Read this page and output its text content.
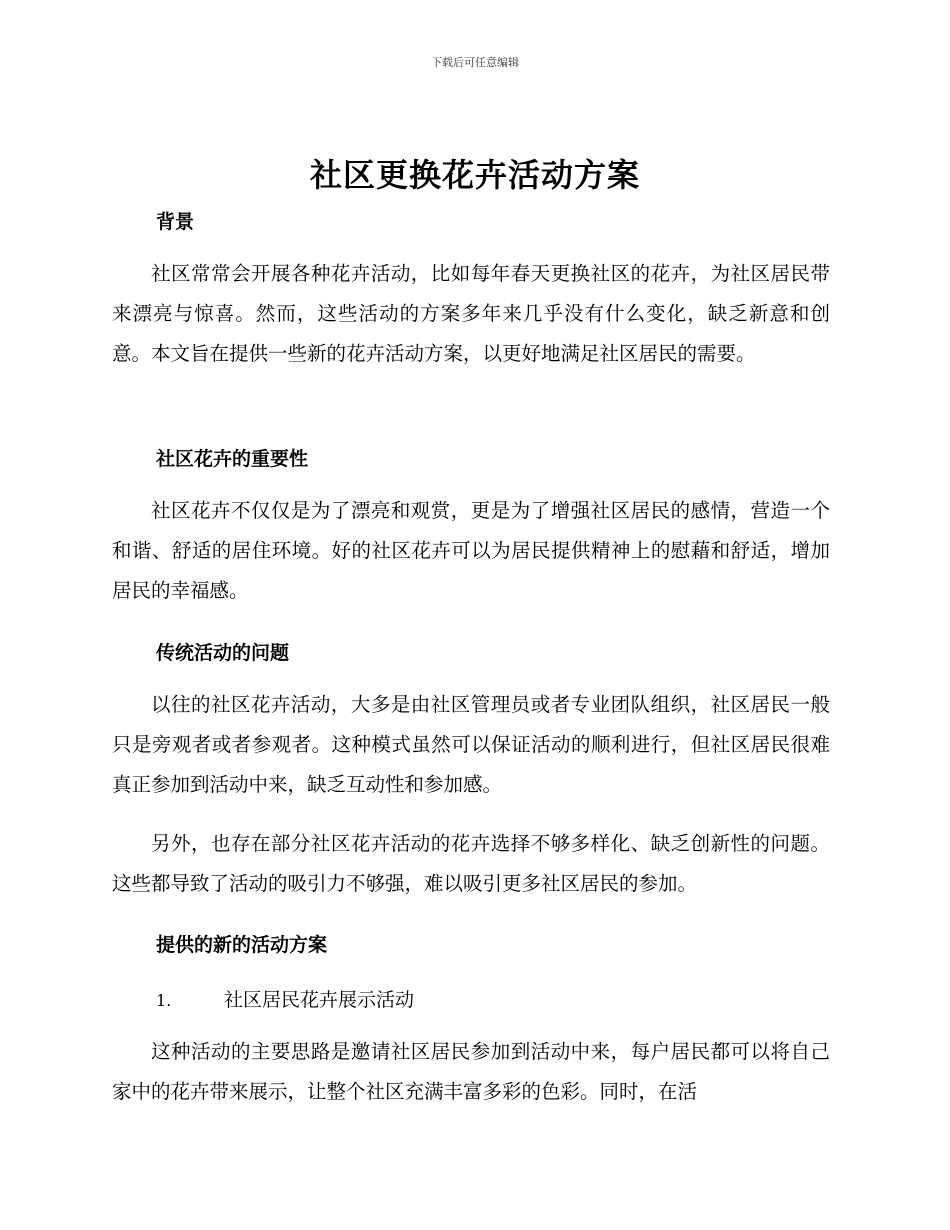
下载后可任意编辑
社区更换花卉活动方案
背景
社区常常会开展各种花卉活动，比如每年春天更换社区的花卉，为社区居民带来漂亮与惊喜。然而，这些活动的方案多年来几乎没有什么变化，缺乏新意和创意。本文旨在提供一些新的花卉活动方案，以更好地满足社区居民的需要。
社区花卉的重要性
社区花卉不仅仅是为了漂亮和观赏，更是为了增强社区居民的感情，营造一个和谐、舒适的居住环境。好的社区花卉可以为居民提供精神上的慰藉和舒适，增加居民的幸福感。
传统活动的问题
以往的社区花卉活动，大多是由社区管理员或者专业团队组织，社区居民一般只是旁观者或者参观者。这种模式虽然可以保证活动的顺利进行，但社区居民很难真正参加到活动中来，缺乏互动性和参加感。
另外，也存在部分社区花卉活动的花卉选择不够多样化、缺乏创新性的问题。这些都导致了活动的吸引力不够强，难以吸引更多社区居民的参加。
提供的新的活动方案
1.	社区居民花卉展示活动
这种活动的主要思路是邀请社区居民参加到活动中来，每户居民都可以将自己家中的花卉带来展示，让整个社区充满丰富多彩的色彩。同时，在活
